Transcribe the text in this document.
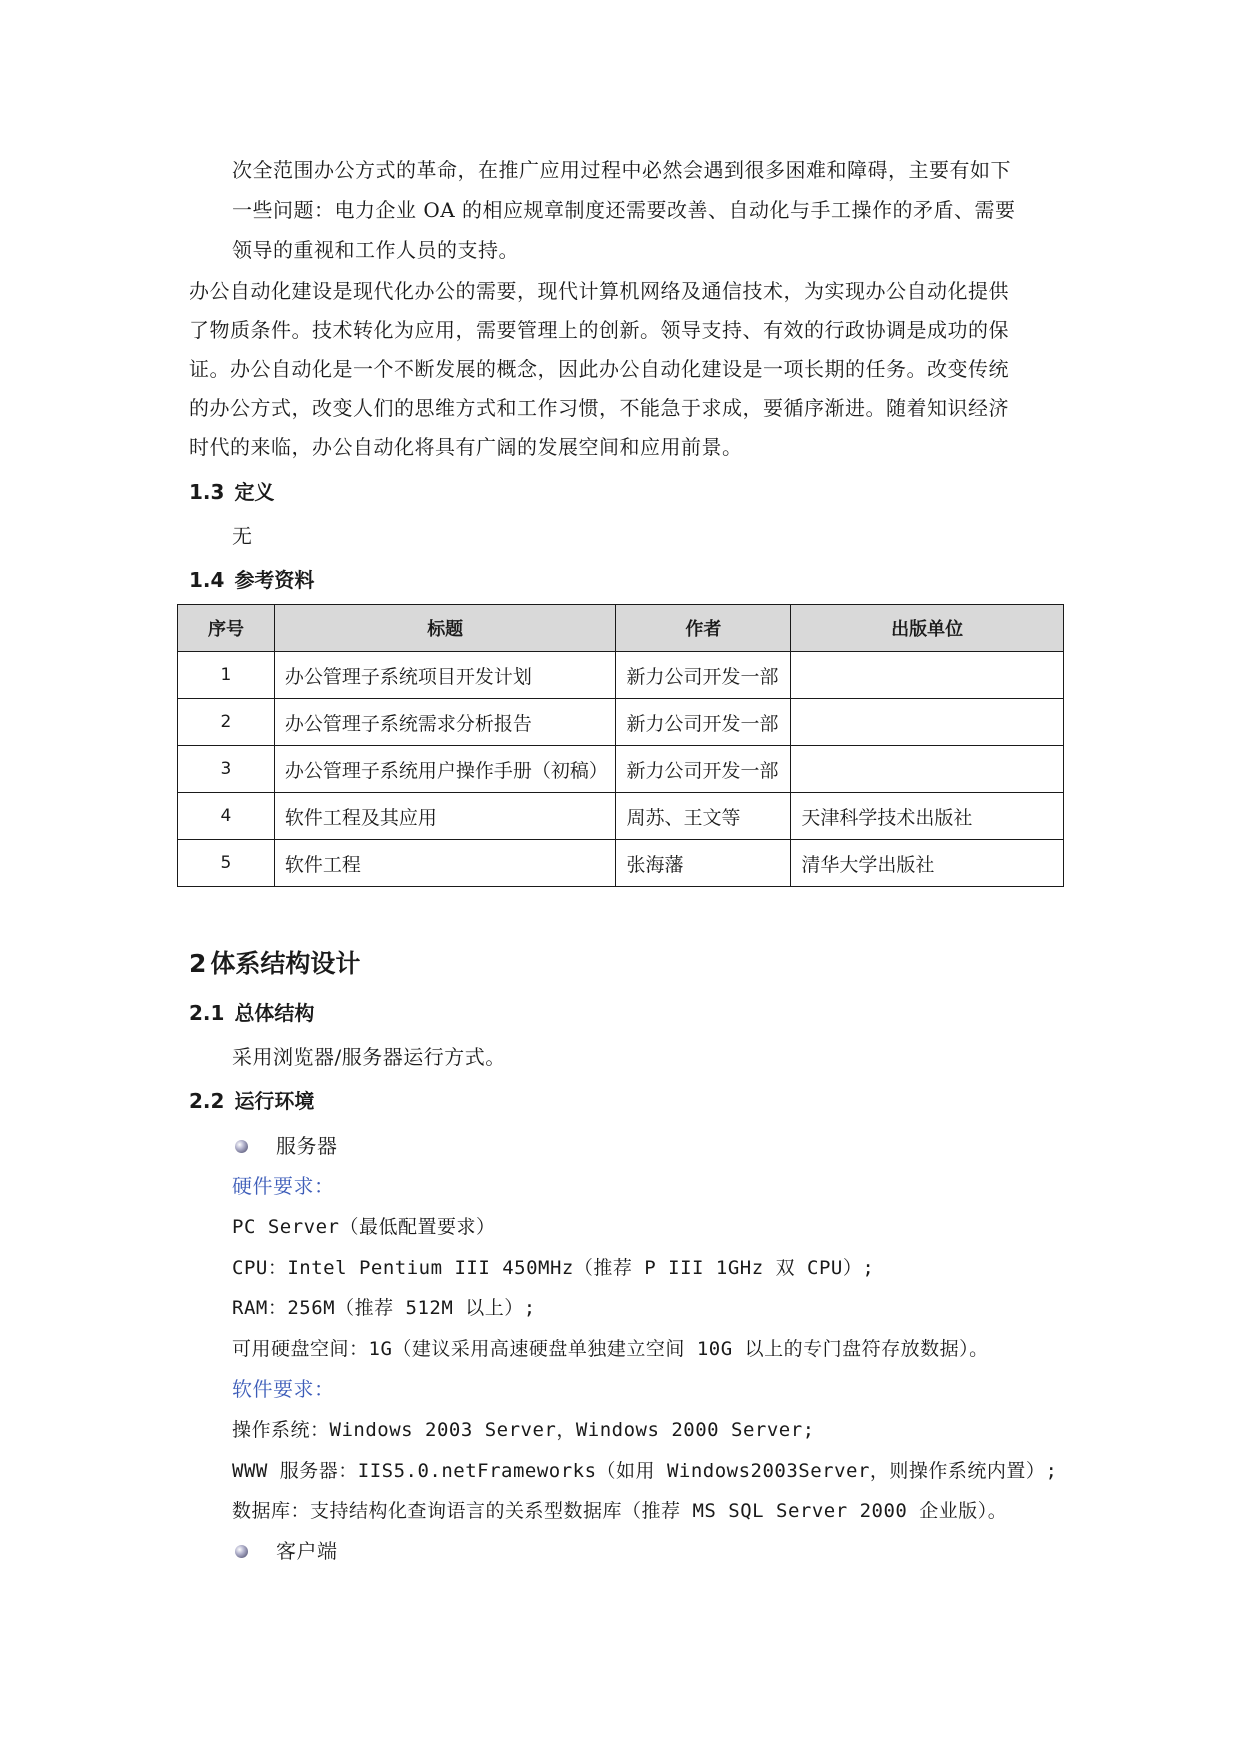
次全范围办公方式的革命，在推广应用过程中必然会遇到很多困难和障碍，主要有如下
一些问题：电力企业 OA 的相应规章制度还需要改善、自动化与手工操作的矛盾、需要
领导的重视和工作人员的支持。
办公自动化建设是现代化办公的需要，现代计算机网络及通信技术，为实现办公自动化提供
了物质条件。技术转化为应用，需要管理上的创新。领导支持、有效的行政协调是成功的保
证。办公自动化是一个不断发展的概念，因此办公自动化建设是一项长期的任务。改变传统
的办公方式，改变人们的思维方式和工作习惯，不能急于求成，要循序渐进。随着知识经济
时代的来临，办公自动化将具有广阔的发展空间和应用前景。
1.3 定义
无
1.4 参考资料
序号	标题	作者	出版单位
1	办公管理子系统项目开发计划	新力公司开发一部	
2	办公管理子系统需求分析报告	新力公司开发一部	
3	办公管理子系统用户操作手册（初稿）	新力公司开发一部	
4	软件工程及其应用	周苏、王文等	天津科学技术出版社
5	软件工程	张海藩	清华大学出版社
2 体系结构设计
2.1 总体结构
采用浏览器/服务器运行方式。
2.2 运行环境
服务器
硬件要求：
PC Server（最低配置要求）
CPU：Intel Pentium III 450MHz（推荐 P III 1GHz 双 CPU）;
RAM：256M（推荐 512M 以上）;
可用硬盘空间：1G（建议采用高速硬盘单独建立空间 10G 以上的专门盘符存放数据）。
软件要求：
操作系统：Windows 2003 Server，Windows 2000 Server;
WWW 服务器：IIS5.0.netFrameworks（如用 Windows2003Server，则操作系统内置）;
数据库：支持结构化查询语言的关系型数据库（推荐 MS SQL Server 2000 企业版）。
客户端
